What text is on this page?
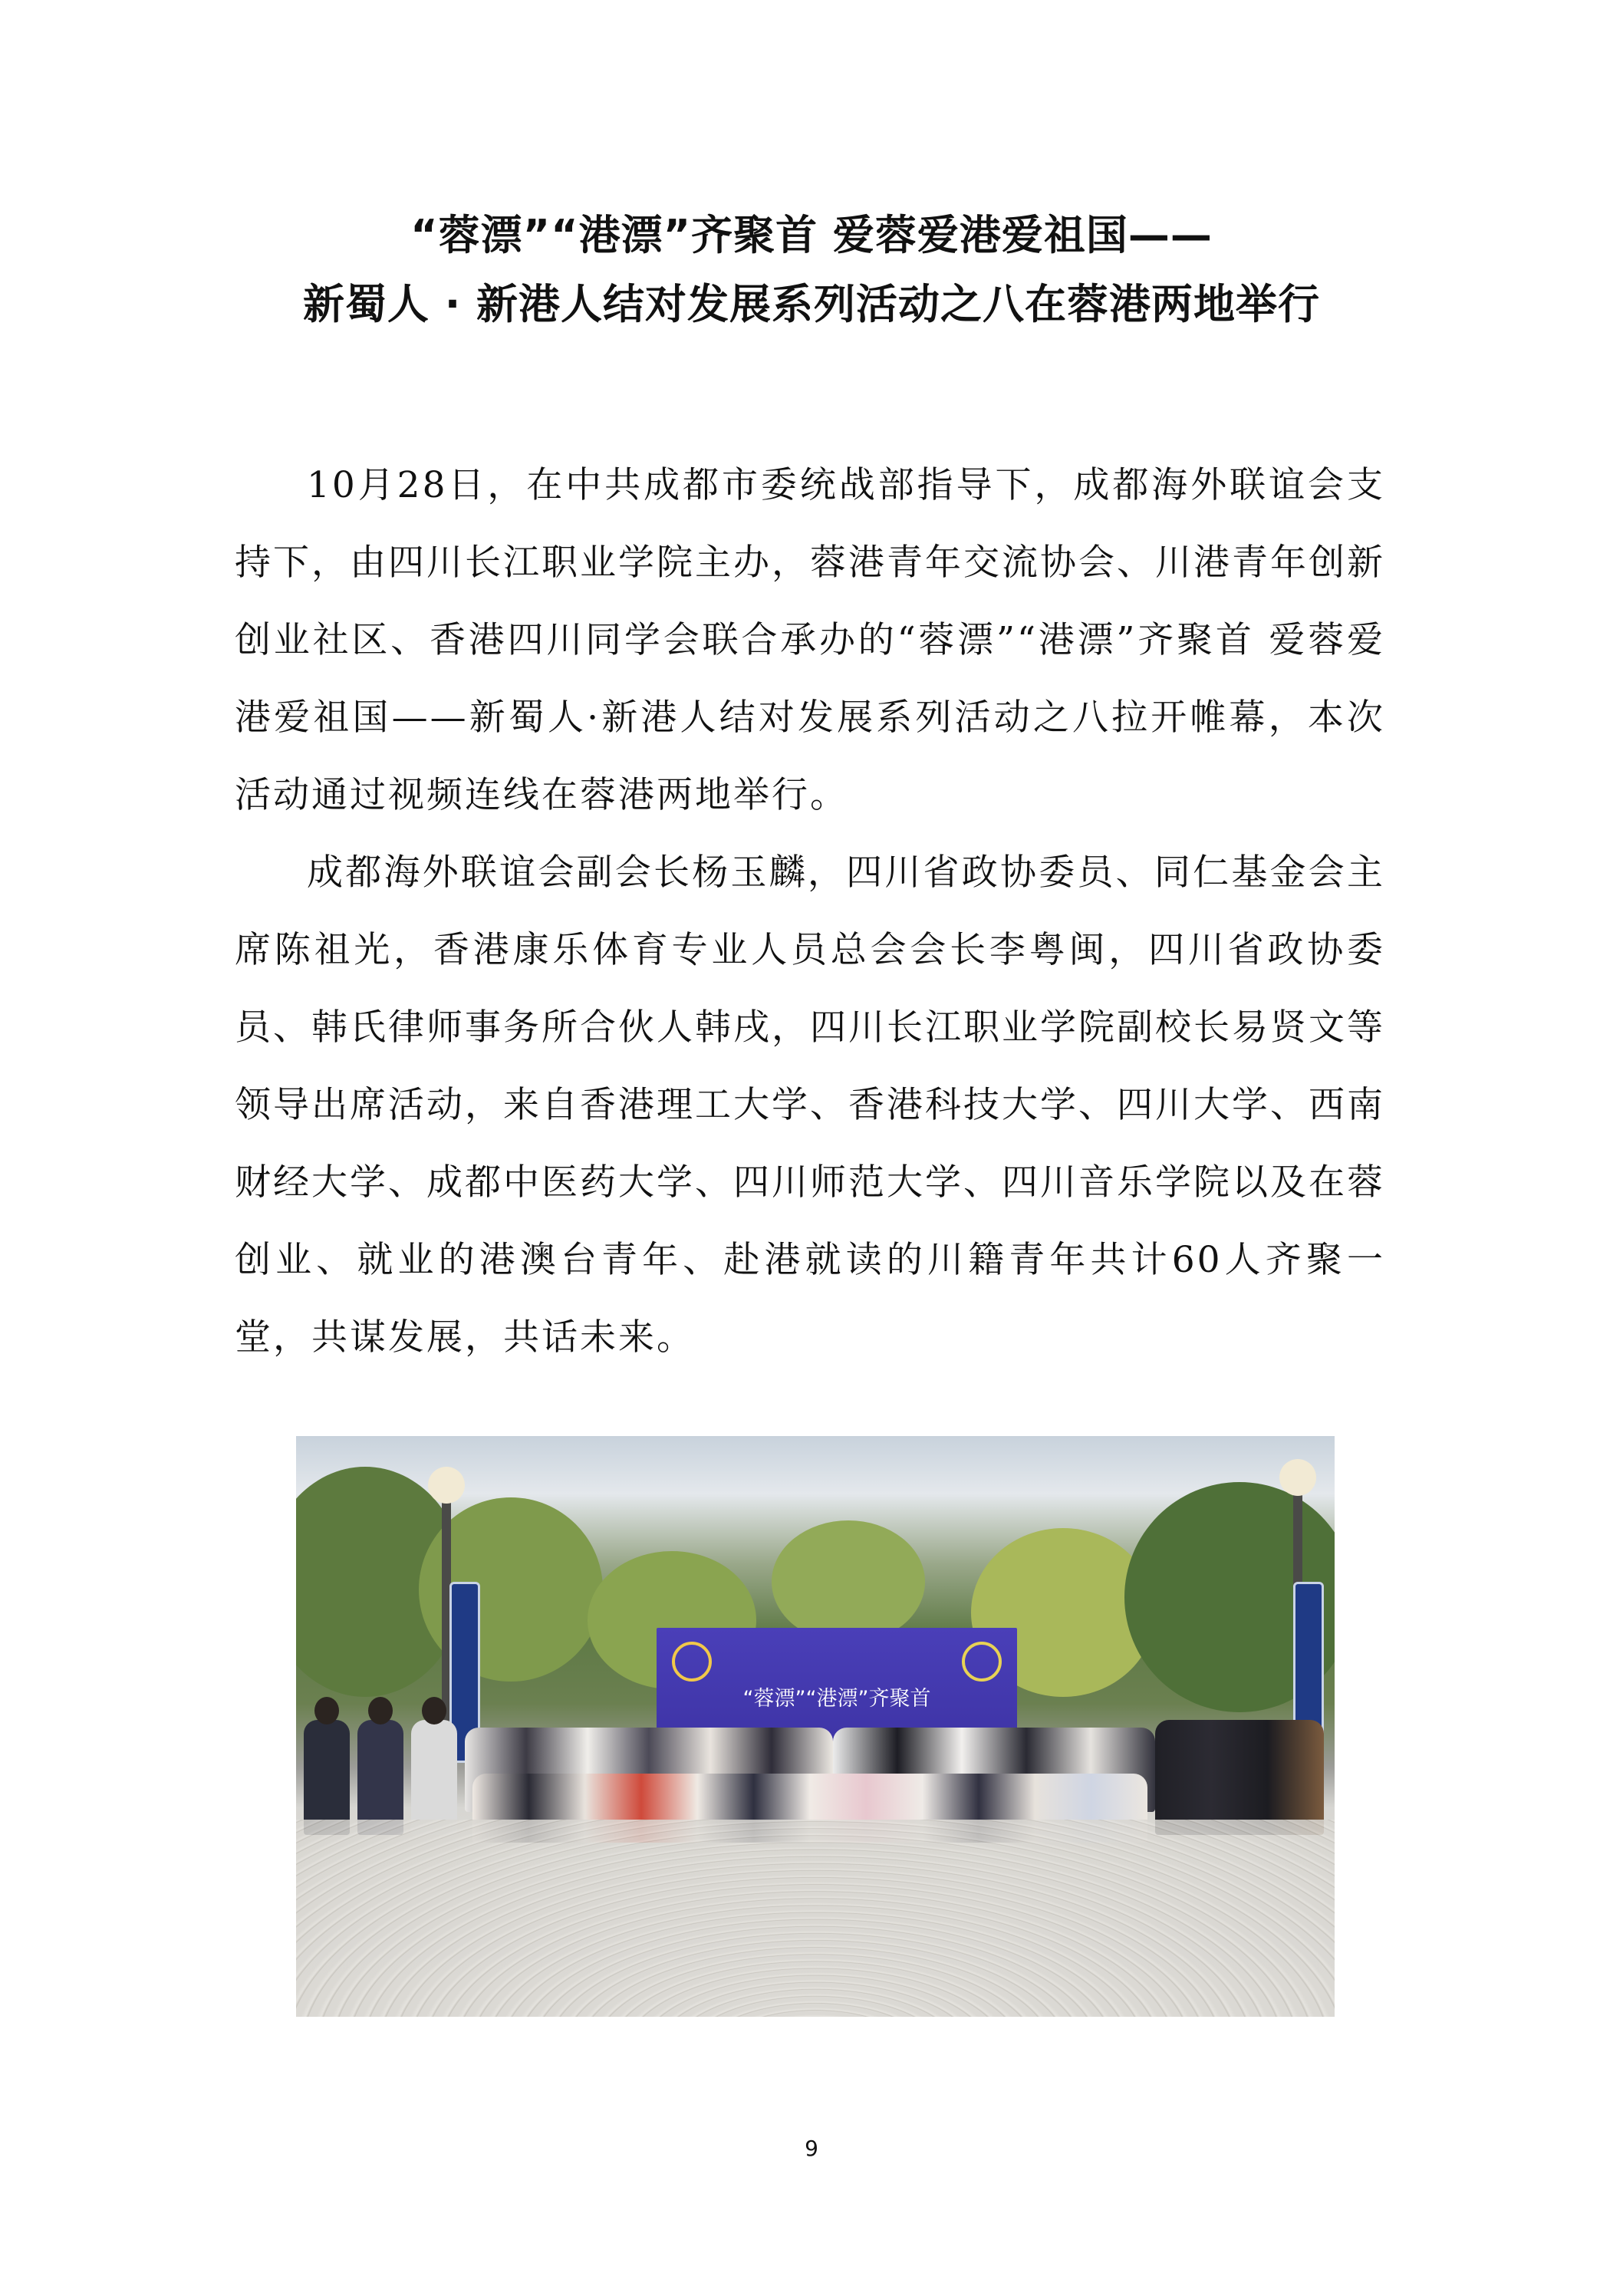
“蓉漂”“港漂”齐聚首 爱蓉爱港爱祖国——
新蜀人 · 新港人结对发展系列活动之八在蓉港两地举行

10月28日，在中共成都市委统战部指导下，成都海外联谊会支持下，由四川长江职业学院主办，蓉港青年交流协会、川港青年创新创业社区、香港四川同学会联合承办的“蓉漂”“港漂”齐聚首 爱蓉爱港爱祖国——新蜀人·新港人结对发展系列活动之八拉开帷幕，本次活动通过视频连线在蓉港两地举行。

成都海外联谊会副会长杨玉麟，四川省政协委员、同仁基金会主席陈祖光，香港康乐体育专业人员总会会长李粤闽，四川省政协委员、韩氏律师事务所合伙人韩戌，四川长江职业学院副校长易贤文等领导出席活动，来自香港理工大学、香港科技大学、四川大学、西南财经大学、成都中医药大学、四川师范大学、四川音乐学院以及在蓉创业、就业的港澳台青年、赴港就读的川籍青年共计60人齐聚一堂，共谋发展，共话未来。

“蓉漂”“港漂”齐聚首
9
